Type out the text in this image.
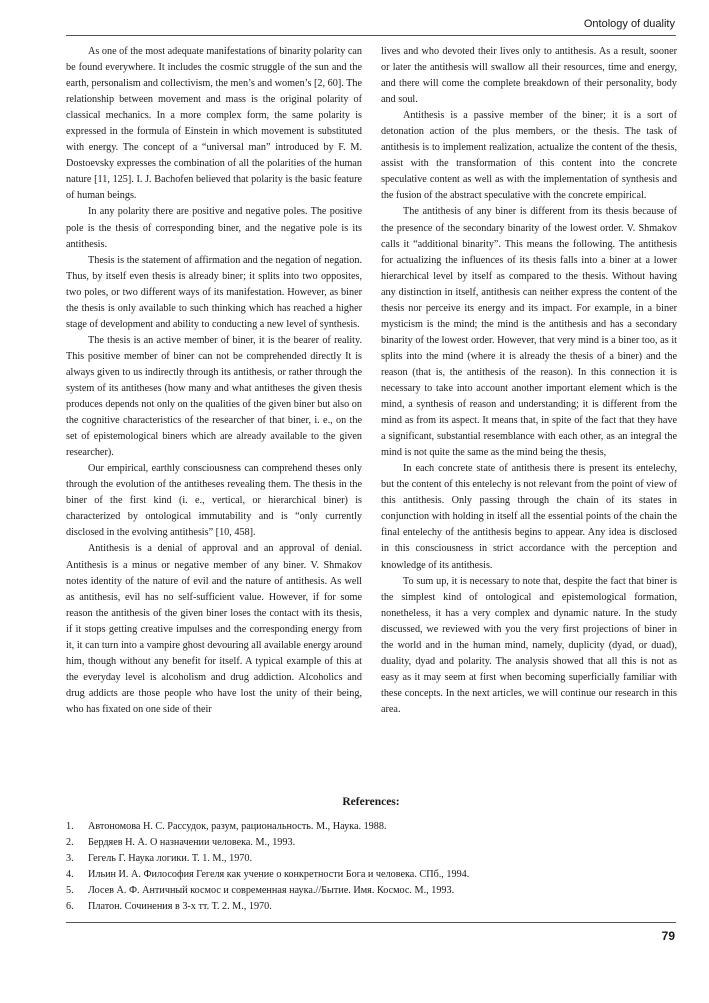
Ontology of duality

As one of the most adequate manifestations of binarity polarity can be found everywhere. It includes the cosmic struggle of the sun and the earth, personalism and collectivism, the men’s and women’s [2, 60]. The relationship between movement and mass is the original polarity of classical mechanics. In a more complex form, the same polarity is expressed in the formula of Einstein in which movement is substituted with energy. The concept of a “universal man” introduced by F. M. Dostoevsky expresses the combination of all the polarities of the human nature [11, 125]. I. J. Bachofen believed that polarity is the basic feature of human beings.

In any polarity there are positive and negative poles. The positive pole is the thesis of corresponding biner, and the negative pole is its antithesis.

Thesis is the statement of affirmation and the negation of negation. Thus, by itself even thesis is already biner; it splits into two opposites, two poles, or two different ways of its manifestation. However, as biner the thesis is only available to such thinking which has reached a higher stage of development and ability to conducting a new level of synthesis.

The thesis is an active member of biner, it is the bearer of reality. This positive member of biner can not be comprehended directly It is always given to us indirectly through its antithesis, or rather through the system of its antitheses (how many and what antitheses the given thesis produces depends not only on the qualities of the given biner but also on the cognitive characteristics of the researcher of that biner, i. e., on the set of epistemological biners which are already available to the given researcher).

Our empirical, earthly consciousness can comprehend theses only through the evolution of the antitheses revealing them. The thesis in the biner of the first kind (i. e., vertical, or hierarchical biner) is characterized by ontological immutability and is “only currently disclosed in the evolving antithesis” [10, 458].

Antithesis is a denial of approval and an approval of denial. Antithesis is a minus or negative member of any biner. V. Shmakov notes identity of the nature of evil and the nature of antithesis. As well as antithesis, evil has no self-sufficient value. However, if for some reason the antithesis of the given biner loses the contact with its thesis, if it stops getting creative impulses and the corresponding energy from it, it can turn into a vampire ghost devouring all available energy around him, though without any benefit for itself. A typical example of this at the everyday level is alcoholism and drug addiction. Alcoholics and drug addicts are those people who have lost the unity of their being, who has fixated on one side of their

lives and who devoted their lives only to antithesis. As a result, sooner or later the antithesis will swallow all their resources, time and energy, and there will come the complete breakdown of their personality, body and soul.

Antithesis is a passive member of the biner; it is a sort of detonation action of the plus members, or the thesis. The task of antithesis is to implement realization, actualize the content of the thesis, assist with the transformation of this content into the concrete speculative content as well as with the implementation of synthesis and the fusion of the abstract speculative with the concrete empirical.

The antithesis of any biner is different from its thesis because of the presence of the secondary binarity of the lowest order. V. Shmakov calls it “additional binarity”. This means the following. The antithesis for actualizing the influences of its thesis falls into a biner at a lower hierarchical level by itself as compared to the thesis. Without having any distinction in itself, antithesis can neither express the content of the thesis nor perceive its energy and its impact. For example, in a biner mysticism is the mind; the mind is the antithesis and has a secondary binarity of the lowest order. However, that very mind is a biner too, as it splits into the mind (where it is already the thesis of a biner) and the reason (that is, the antithesis of the reason). In this connection it is necessary to take into account another important element which is the mind, a synthesis of reason and understanding; it is different from the mind as from its aspect. It means that, in spite of the fact that they have a significant, substantial resemblance with each other, as an integral the mind is not quite the same as the mind being the thesis,

In each concrete state of antithesis there is present its entelechy, but the content of this entelechy is not relevant from the point of view of this antithesis. Only passing through the chain of its states in conjunction with holding in itself all the essential points of the chain the final entelechy of the antithesis begins to appear. Any idea is disclosed in this consciousness in strict accordance with the perception and knowledge of its antithesis.

To sum up, it is necessary to note that, despite the fact that biner is the simplest kind of ontological and epistemological formation, nonetheless, it has a very complex and dynamic nature. In the study discussed, we reviewed with you the very first projections of biner in the world and in the human mind, namely, duplicity (dyad, or duad), duality, dyad and polarity. The analysis showed that all this is not as easy as it may seem at first when becoming superficially familiar with these concepts. In the next articles, we will continue our research in this area.

References:
1.	Автономова Н. С. Рассудок, разум, рациональность. М., Наука. 1988.
2.	Бердяев Н. А. О назначении человека. М., 1993.
3.	Гегель Г. Наука логики. Т. 1. М., 1970.
4.	Ильин И. А. Философия Гегеля как учение о конкретности Бога и человека. СПб., 1994.
5.	Лосев А. Ф. Античный космос и современная наука.//Бытие. Имя. Космос. М., 1993.
6.	Платон. Сочинения в 3-х тт. Т. 2. М., 1970.
79
